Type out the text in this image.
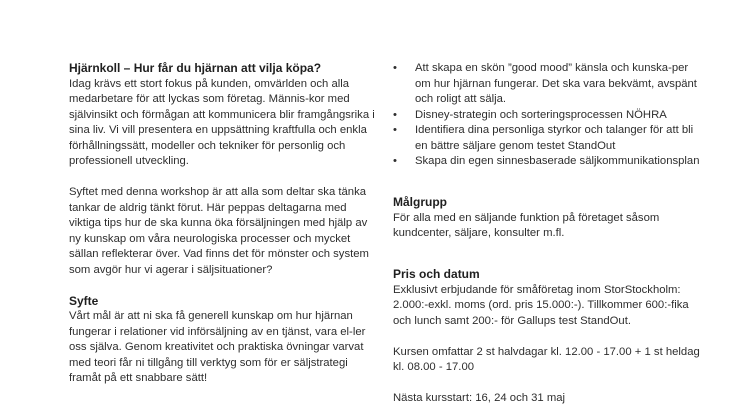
Hjärnkoll – Hur får du hjärnan att vilja köpa?

Idag krävs ett stort fokus på kunden, omvärlden och alla medarbetare för att lyckas som företag. Männis-kor med självinsikt och förmågan att kommunicera blir framgångsrika i sina liv. Vi vill presentera en uppsättning kraftfulla och enkla förhållningssätt, modeller och tekniker för personlig och professionell utveckling.

Syftet med denna workshop är att alla som deltar ska tänka tankar de aldrig tänkt förut. Här peppas deltagarna med viktiga tips hur de ska kunna öka försäljningen med hjälp av ny kunskap om våra neurologiska processer och mycket sällan reflekterar över. Vad finns det för mönster och system som avgör hur vi agerar i säljsituationer?

Syfte

Vårt mål är att ni ska få generell kunskap om hur hjärnan fungerar i relationer vid införsäljning av en tjänst, vara el-ler oss själva. Genom kreativitet och praktiska övningar varvat med teori får ni tillgång till verktyg som för er säljstrategi framåt på ett snabbare sätt!

• Att skapa en skön ”good mood” känsla och kunska-per om hur hjärnan fungerar. Det ska vara bekvämt, avspänt och roligt att sälja.
• Disney-strategin och sorteringsprocessen NÖHRA
• Identifiera dina personliga styrkor och talanger för att bli en bättre säljare genom testet StandOut
• Skapa din egen sinnesbaserade säljkommunikationsplan
Målgrupp

För alla med en säljande funktion på företaget såsom kundcenter, säljare, konsulter m.fl.

Pris och datum

Exklusivt erbjudande för småföretag inom StorStockholm: 2.000:-exkl. moms (ord. pris 15.000:-). Tillkommer 600:-fika och lunch samt 200:- för Gallups test StandOut.

Kursen omfattar 2 st halvdagar kl. 12.00 - 17.00 + 1 st heldag kl. 08.00 - 17.00

Nästa kursstart: 16, 24 och 31 maj
